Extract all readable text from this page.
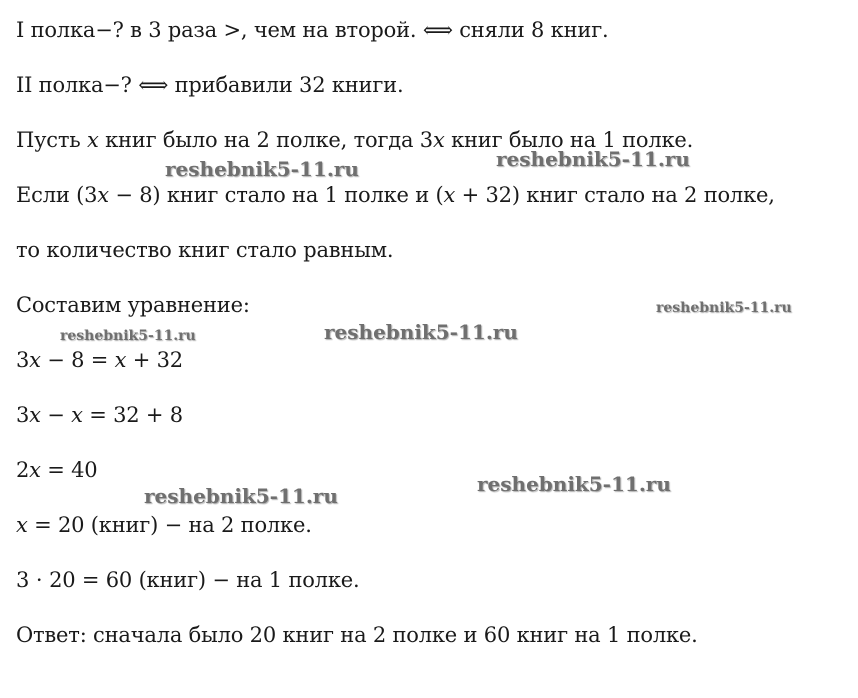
I полка−? в 3 раза >, чем на второй. ⟺ сняли 8 книг.
II полка−? ⟺ прибавили 32 книги.
Пусть 𝑥 книг было на 2 полке, тогда 3𝑥 книг было на 1 полке.
Если (3𝑥 − 8) книг стало на 1 полке и (𝑥 + 32) книг стало на 2 полке,
то количество книг стало равным.
Составим уравнение:
3𝑥 − 8 = 𝑥 + 32
3𝑥 − 𝑥 = 32 + 8
2𝑥 = 40
𝑥 = 20 (книг) − на 2 полке.
3 ⋅ 20 = 60 (книг) − на 1 полке.
Ответ: сначала было 20 книг на 2 полке и 60 книг на 1 полке.
reshebnik5-11.ru	reshebnik5-11.ru
reshebnik5-11.ru
reshebnik5-11.ru	reshebnik5-11.ru
reshebnik5-11.ru
reshebnik5-11.ru
